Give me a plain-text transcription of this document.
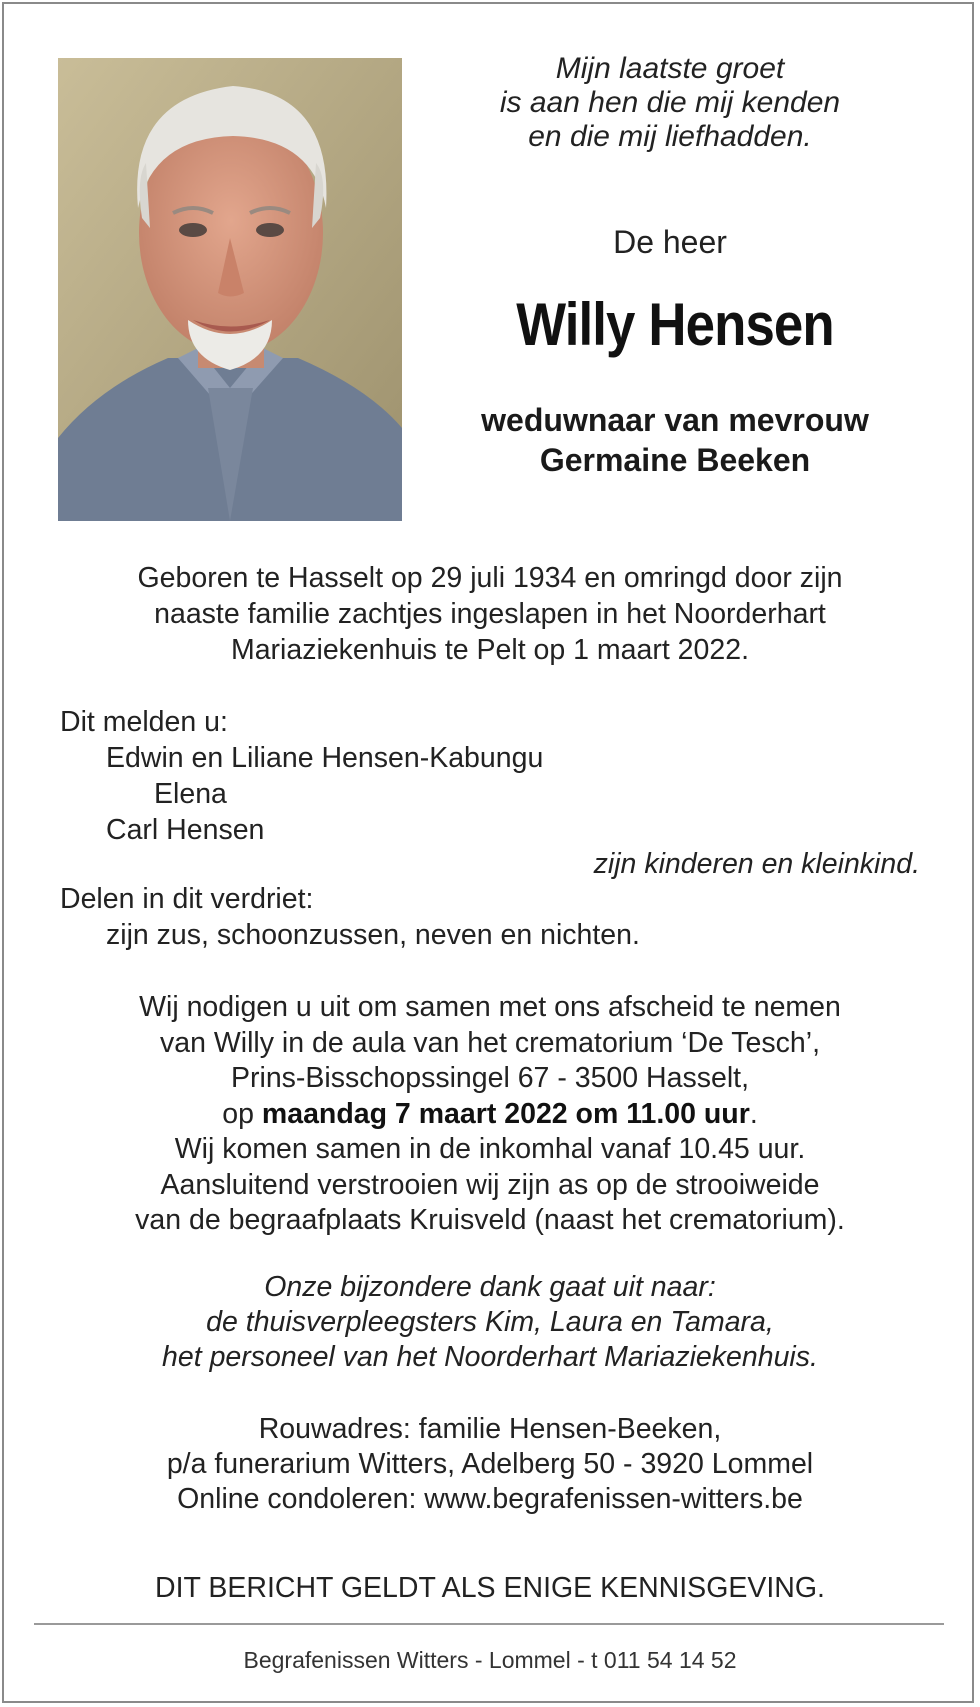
Mijn laatste groet
is aan hen die mij kenden
en die mij liefhadden.
De heer
Willy Hensen
weduwnaar van mevrouw
Germaine Beeken
Geboren te Hasselt op 29 juli 1934 en omringd door zijn
naaste familie zachtjes ingeslapen in het Noorderhart
Mariaziekenhuis te Pelt op 1 maart 2022.
Dit melden u:
Edwin en Liliane Hensen-Kabungu
Elena
Carl Hensen
zijn kinderen en kleinkind.
Delen in dit verdriet:
zijn zus, schoonzussen, neven en nichten.
Wij nodigen u uit om samen met ons afscheid te nemen
van Willy in de aula van het crematorium ‘De Tesch’,
Prins-Bisschopssingel 67 - 3500 Hasselt,
op maandag 7 maart 2022 om 11.00 uur.
Wij komen samen in de inkomhal vanaf 10.45 uur.
Aansluitend verstrooien wij zijn as op de strooiweide
van de begraafplaats Kruisveld (naast het crematorium).
Onze bijzondere dank gaat uit naar:
de thuisverpleegsters Kim, Laura en Tamara,
het personeel van het Noorderhart Mariaziekenhuis.
Rouwadres: familie Hensen-Beeken,
p/a funerarium Witters, Adelberg 50 - 3920 Lommel
Online condoleren: www.begrafenissen-witters.be
DIT BERICHT GELDT ALS ENIGE KENNISGEVING.
Begrafenissen Witters - Lommel - t 011 54 14 52
